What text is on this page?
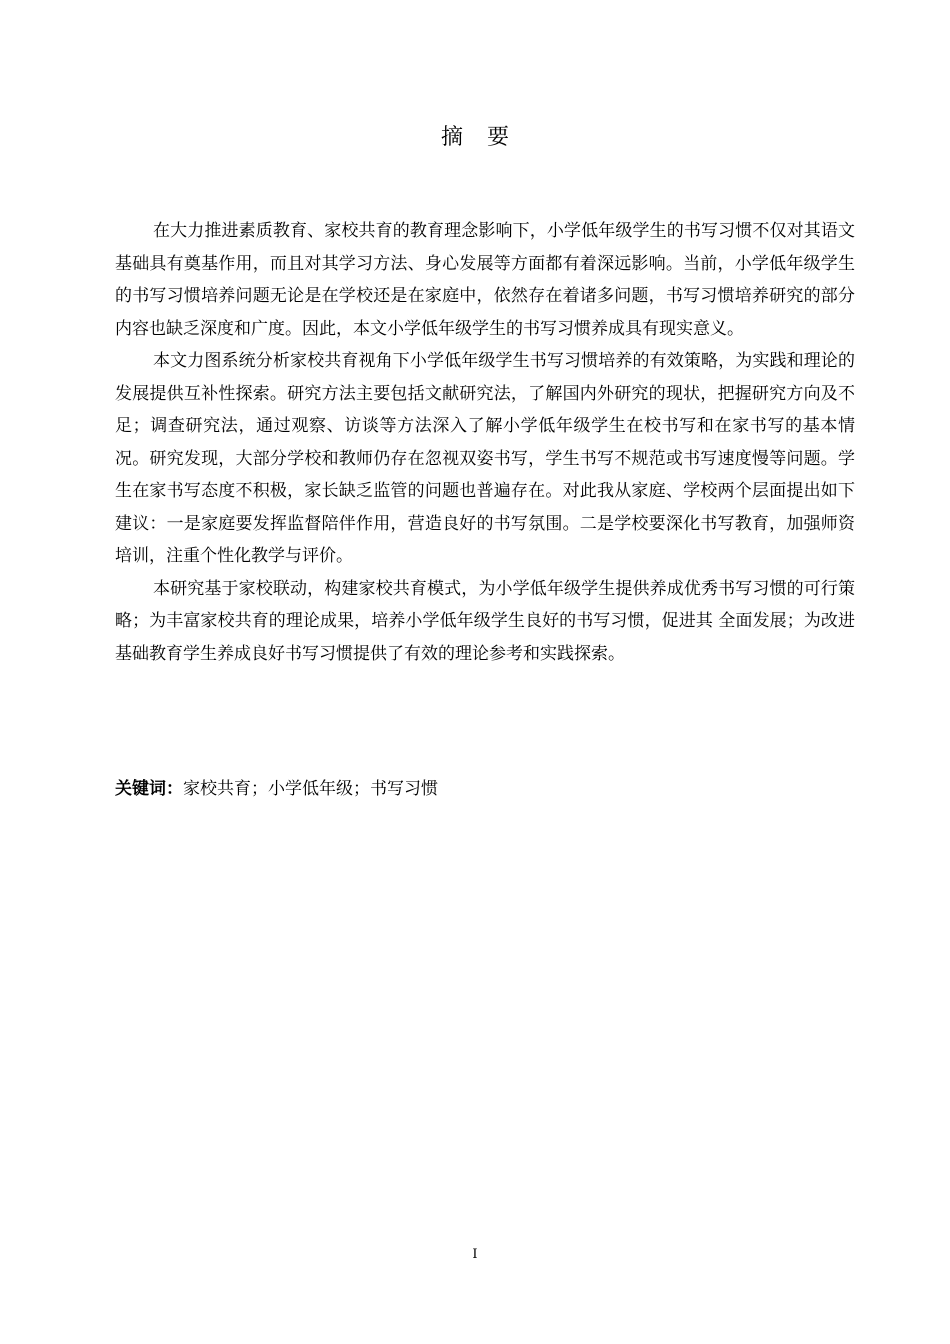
摘要

在大力推进素质教育、家校共育的教育理念影响下，小学低年级学生的书写习惯不仅对其语文基础具有奠基作用，而且对其学习方法、身心发展等方面都有着深远影响。当前，小学低年级学生的书写习惯培养问题无论是在学校还是在家庭中，依然存在着诸多问题，书写习惯培养研究的部分内容也缺乏深度和广度。因此，本文小学低年级学生的书写习惯养成具有现实意义。

本文力图系统分析家校共育视角下小学低年级学生书写习惯培养的有效策略，为实践和理论的发展提供互补性探索。研究方法主要包括文献研究法，了解国内外研究的现状，把握研究方向及不足；调查研究法，通过观察、访谈等方法深入了解小学低年级学生在校书写和在家书写的基本情况。研究发现，大部分学校和教师仍存在忽视双姿书写，学生书写不规范或书写速度慢等问题。学生在家书写态度不积极，家长缺乏监管的问题也普遍存在。对此我从家庭、学校两个层面提出如下建议：一是家庭要发挥监督陪伴作用，营造良好的书写氛围。二是学校要深化书写教育，加强师资培训，注重个性化教学与评价。

本研究基于家校联动，构建家校共育模式，为小学低年级学生提供养成优秀书写习惯的可行策略；为丰富家校共育的理论成果，培养小学低年级学生良好的书写习惯，促进其 全面发展；为改进基础教育学生养成良好书写习惯提供了有效的理论参考和实践探索。

关键词：家校共育；小学低年级；书写习惯
I
